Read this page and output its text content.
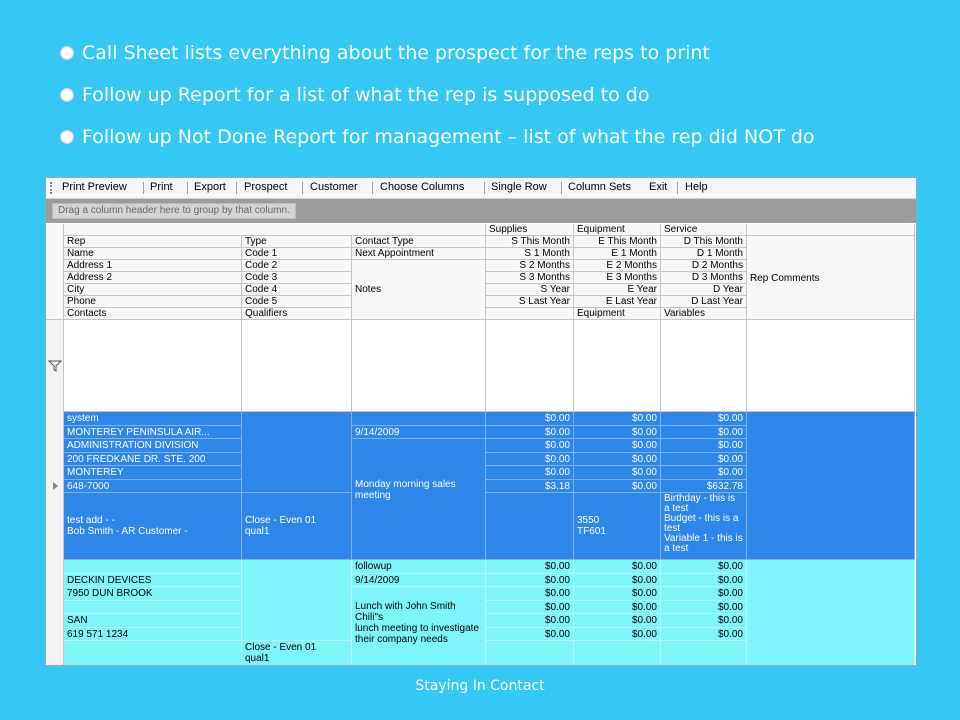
Call Sheet lists everything about the prospect for the reps to print
Follow up Report for a list of what the rep is supposed to do
Follow up Not Done Report for management – list of what the rep did NOT do
Print Preview Print Export Prospect Customer Choose Columns Single Row Column Sets Exit Help
Drag a column header here to group by that column.
Supplies	Equipment	Service
Rep
Name
Address 1
Address 2
City
Phone
Contacts
Type
Code 1
Code 2
Code 3
Code 4
Code 5
Qualifiers
Contact Type
Next Appointment
Notes
S This Month
S 1 Month
S 2 Months
S 3 Months
S Year
S Last Year
E This Month
E 1 Month
E 2 Months
E 3 Months
E Year
E Last Year
Equipment
D This Month
D 1 Month
D 2 Months
D 3 Months
D Year
D Last Year
Variables
Rep Comments
system
MONTEREY PENINSULA AIR...
ADMINISTRATION DIVISION
200 FREDKANE DR. STE. 200
MONTEREY
648-7000
test add - -
Bob Smith - AR Customer -
Close - Even 01
qual1
9/14/2009
Monday morning sales meeting
$0.00
$0.00
$0.00
$0.00
$0.00
$3.18
$0.00
$0.00
$0.00
$0.00
$0.00
$0.00
3550
TF601
$0.00
$0.00
$0.00
$0.00
$0.00
$632.78
Birthday - this is a test
Budget - this is a test
Variable 1 - this is a test
DECKIN DEVICES
7950 DUN BROOK
SAN
619 571 1234
Close - Even 01
qual1
followup
9/14/2009
Lunch with John Smith
Chili"s
lunch meeting to investigate their company needs
$0.00
$0.00
$0.00
$0.00
$0.00
$0.00
$0.00
$0.00
$0.00
$0.00
$0.00
$0.00
$0.00
$0.00
$0.00
$0.00
$0.00
$0.00
Staying In Contact
